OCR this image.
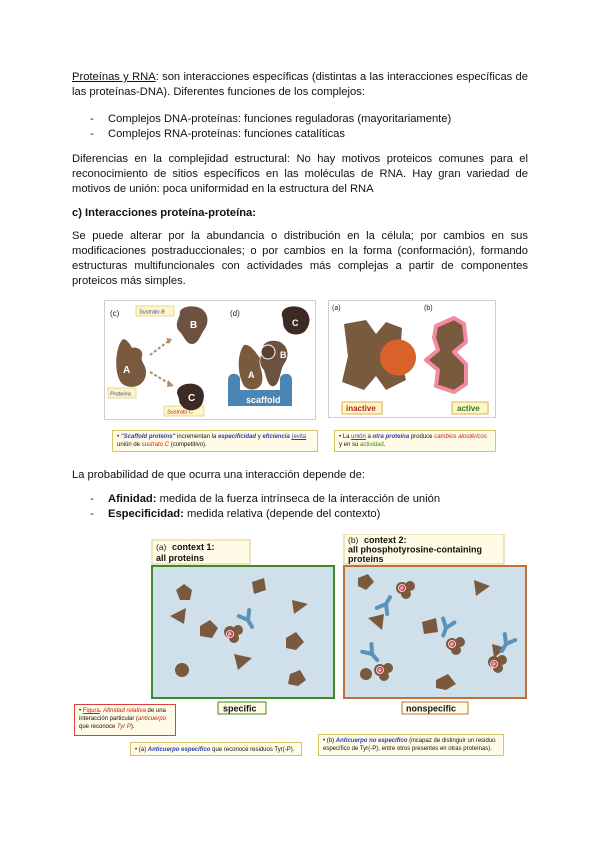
Proteínas y RNA: son interacciones específicas (distintas a las interacciones específicas de las proteínas-DNA). Diferentes funciones de los complejos:
- Complejos DNA-proteínas: funciones reguladoras (mayoritariamente)
- Complejos RNA-proteínas: funciones catalíticas
Diferencias en la complejidad estructural: No hay motivos proteicos comunes para el reconocimiento de sitios específicos en las moléculas de RNA. Hay gran variedad de motivos de unión: poca uniformidad en la estructura del RNA
c) Interacciones proteína-proteína:
Se puede alterar por la abundancia o distribución en la célula; por cambios en sus modificaciones postraduccionales; o por cambios en la forma (conformación), formando estructuras multifuncionales con actividades más complejas a partir de componentes proteicos más simples.
(c)	(d)
Sustrato B
Sustrato C
Proteína
A
B
C	scaffold
A
B
C
• "Scaffold proteins" incrementan la especificidad y eficiencia (evita unión de sustrato C (competitivo).
(a)	(b)
inactive	active
• La unión a otra proteína produce cambios alostéricos y en su actividad.
La probabilidad de que ocurra una interacción depende de:
- Afinidad: medida de la fuerza intrínseca de la interacción de unión
- Especificidad: medida relativa (depende del contexto)
(a) context 1:
all proteins
P
specific
(b) context 2:
all phosphotyrosine-containing
proteins
P
P
P
P
nonspecific
• Figura. Afinidad relativa de una interacción particular (anticuerpo que reconoce Tyr P).
• (a) Anticuerpo específico que reconoce residuos Tyr(-P).
• (b) Anticuerpo no específico (incapaz de distinguir un residuo específico de Tyr(-P), entre otros presentes en otras proteínas).
